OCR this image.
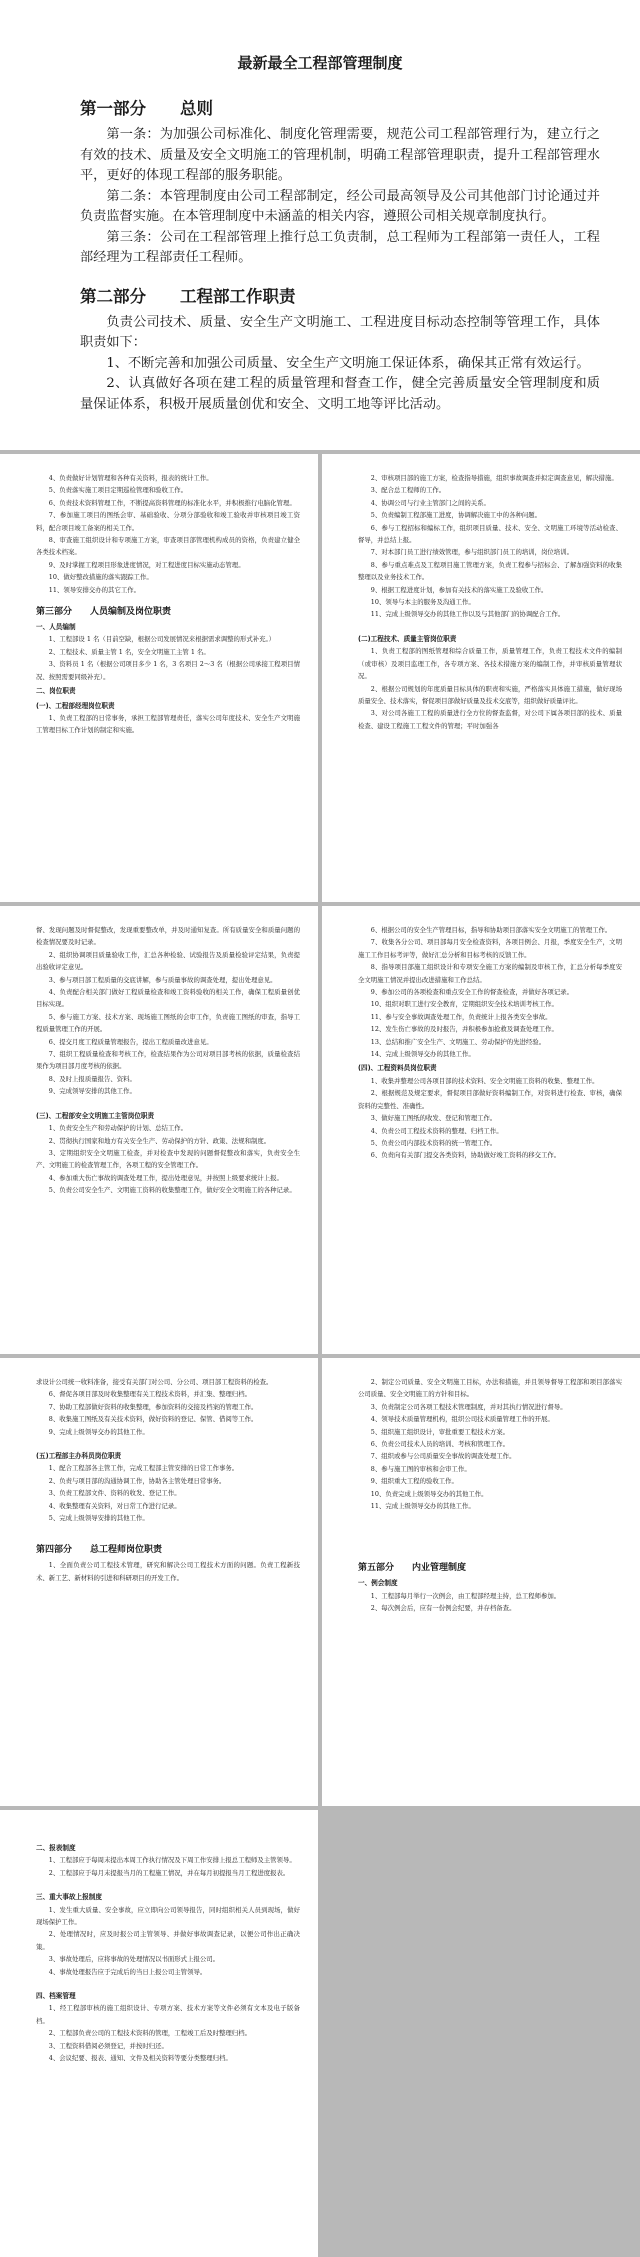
最新最全工程部管理制度
第一部分 总则

第一条：为加强公司标准化、制度化管理需要，规范公司工程部管理行为，建立行之有效的技术、质量及安全文明施工的管理机制，明确工程部管理职责，提升工程部管理水平，更好的体现工程部的服务职能。

第二条：本管理制度由公司工程部制定，经公司最高领导及公司其他部门讨论通过并负责监督实施。在本管理制度中未涵盖的相关内容，遵照公司相关规章制度执行。

第三条：公司在工程部管理上推行总工负责制，总工程师为工程部第一责任人，工程部经理为工程部责任工程师。

第二部分 工程部工作职责

负责公司技术、质量、安全生产文明施工、工程进度目标动态控制等管理工作，具体职责如下：

1、不断完善和加强公司质量、安全生产文明施工保证体系，确保其正常有效运行。

2、认真做好各项在建工程的质量管理和督查工作，健全完善质量安全管理制度和质量保证体系，积极开展质量创优和安全、文明工地等评比活动。

4、负责做好计划管理和各种有关资料，报表的统计工作。

5、负责落实施工项目定期巡检管理和验收工作。

6、负责技术资料管理工作，不断提高资料管理的标准化水平，并积极推行电脑化管理。

7、参加施工项目的图纸会审、基础验收、分项分部验收和竣工验收并审核项目竣工资料，配合项目竣工备案的相关工作。

8、审查施工组织设计和专项施工方案，审查项目部管理机构成员的资格，负责建立健全各类技术档案。

9、及时掌握工程项目形象进度情况，对工程进度目标实施动态管理。

10、做好整改措施的落实跟踪工作。

11、领导安排交办的其它工作。

第三部分 人员编制及岗位职责
一、人员编制

1、工程部设 1 名（目前空缺，根据公司发展情况来根据需求调整的形式补充。）

2、工程技术、质量主管 1 名，安全文明施工主管 1 名。

3、资料员 1 名（根据公司项目多少 1 名，3 名项目 2～3 名（根据公司承接工程项目情况、按照需要同级补充）。

二、岗位职责
(一)、工程部经理岗位职责

1、负责工程部的日常事务，承担工程部管理责任，落实公司年度技术、安全生产文明施工管理目标工作计划的制定和实施。

2、审核项目部的施工方案，检查指导措施，组织事故调查并拟定调查意见，解决措施。

3、配合总工程师的工作。

4、协调公司与行业主管部门之间的关系。

5、负责编制工程部施工进度，协调解决施工中的各种问题。

6、参与工程招标和编标工作，组织项目质量、技术、安全、文明施工环境等活动检查、督导，并总结上报。

7、对本部门员工进行绩效管理，参与组织部门员工的培训，岗位培训。

8、参与重点难点及工程项目施工管理方案，负责工程参与招标会、了解加强资料的收集整理以及业务技术工作。

9、根据工程进度计划，参加有关技术的落实施工及验收工作。

10、领导与本主的服务及沟通工作。

11、完成上级领导交办的其他工作以及与其他部门的协调配合工作。

(二)工程技术、质量主管岗位职责

1、负责工程部的图纸管理和综合质量工作，质量管理工作，负责工程技术文件的编制（或审核）及项目监理工作，各专项方案、各技术措施方案的编制工作，并审核质量管理状况。

2、根据公司规划的年度质量目标具体的职责和实施，严格落实具体施工措施，做好现场质量安全、技术落实，督促项目部做好质量及技术交底等，组织做好质量评比。

3、对公司各施工工程的质量进行全方位的督查监督，对公司下属各项目部的技术、质量检查、建设工程施工工程文件的管理；平时加强各

督、发现问题及时督促整改，发现重要整改单，并及时通知复查。所有质量安全和质量问题的检查情况要及时记录。

2、组织协调项目质量验收工作，汇总各种检验、试验报告及质量检验评定结果，负责提出验收评定意见。

3、参与项目部工程质量的交底讲解，参与质量事故的调查处理，提出处理意见。

4、负责配合相关部门做好工程质量检查和竣工资料验收的相关工作，确保工程质量创优目标实现。

5、参与施工方案、技术方案、现场施工图纸的会审工作，负责施工图纸的审查，指导工程质量管理工作的开展。

6、提交月度工程质量管理报告，提出工程质量改进意见。

7、组织工程质量检查和考核工作，检查结果作为公司对项目部考核的依据，质量检查结果作为项目部月度考核的依据。

8、及时上报质量报告、资料。

9、完成领导安排的其他工作。

(三)、工程部安全文明施工主管岗位职责

1、负责安全生产和劳动保护的计划、总结工作。

2、贯彻执行国家和地方有关安全生产、劳动保护的方针、政策、法规和制度。

3、定期组织安全文明施工检查，并对检查中发现的问题督促整改和落实，负责安全生产、文明施工的检查管理工作，各项工程的安全管理工作。

4、参加重大伤亡事故的调查处理工作，提出处理意见，并按照上级要求统计上报。

5、负责公司安全生产、文明施工资料的收集整理工作，做好安全文明施工的各种记录。

6、根据公司的安全生产管理目标，指导和协助项目部落实安全文明施工的管理工作。

7、收集各分公司、项目部每月安全检查资料，各项目例会、月报，季度安全生产，文明施工工作目标考评等，做好汇总分析和目标考核的反馈工作。

8、指导项目部施工组织设计和专项安全施工方案的编制及审核工作，汇总分析每季度安全文明施工情况并提出改进措施和工作总结。

9、参加公司的各项检查和重点安全工作的督查检查，并做好各项记录。

10、组织对职工进行安全教育，定期组织安全技术培训考核工作。

11、参与安全事故调查处理工作，负责统计上报各类安全事故。

12、发生伤亡事故的及时报告，并积极参加抢救及调查处理工作。

13、总结和推广安全生产、文明施工、劳动保护的先进经验。

14、完成上级领导交办的其他工作。

(四)、工程资料员岗位职责

1、收集并整理公司各项目部的技术资料、安全文明施工资料的收集、整理工作。

2、根据规范及规定要求，督促项目部做好资料编制工作，对资料进行检查、审核，确保资料的完整性、准确性。

3、做好施工图纸的收发、登记和管理工作。

4、负责公司工程技术资料的整理、归档工作。

5、负责公司内部技术资料的统一管理工作。

6、负责向有关部门提交各类资料，协助做好竣工资料的移交工作。

求设计公司统一收料准备，接受有关部门对公司、分公司、项目部工程资料的检查。

6、督促各项目部及时收集整理有关工程技术资料，并汇集、整理归档。

7、协助工程部做好资料的收集整理，参加资料的交接及档案的管理工作。

8、收集施工图纸及有关技术资料，做好资料的登记、保管、借阅等工作。

9、完成上级领导交办的其他工作。

(五)工程部主办科员岗位职责

1、配合工程部各主管工作，完成工程部主管安排的日常工作事务。

2、负责与项目部的沟通协调工作，协助各主管处理日常事务。

3、负责工程部文件、资料的收发、登记工作。

4、收集整理有关资料，对日常工作进行记录。

5、完成上级领导安排的其他工作。

第四部分 总工程师岗位职责

1、全面负责公司工程技术管理，研究和解决公司工程技术方面的问题。负责工程新技术、新工艺、新材料的引进和科研项目的开发工作。

2、制定公司质量、安全文明施工目标，办法和措施，并且领导督导工程部和项目部落实公司质量、安全文明施工的方针和目标。

3、负责制定公司各项工程技术管理制度，并对其执行情况进行督导。

4、领导技术质量管理机构，组织公司技术质量管理工作的开展。

5、组织施工组织设计，审批重要工程技术方案。

6、负责公司技术人员的培训、考核和管理工作。

7、组织或参与公司质量安全事故的调查处理工作。

8、参与施工图的审核和会审工作。

9、组织重大工程的验收工作。

10、负责完成上级领导交办的其他工作。

11、完成上级领导交办的其他工作。

第五部分 内业管理制度
一、例会制度

1、工程部每月举行一次例会，由工程部经理主持，总工程师参加。

2、每次例会后，应有一份例会纪要，并存档备查。

二、报表制度

1、工程部应于每周末提出本周工作执行情况及下周工作安排上报总工程师及主管领导。

2、工程部应于每月末提报当月的工程施工情况，并在每月初提报当月工程进度报表。

三、重大事故上报制度

1、发生重大质量、安全事故，应立即向公司领导报告，同时组织相关人员到现场，做好现场保护工作。

2、处理情况时，应及时报公司主管领导、并做好事故调查记录，以便公司作出正确决策。

3、事故处理后，应将事故的处理情况以书面形式上报公司。

4、事故处理报告应于完成后的当日上报公司主管领导。

四、档案管理

1、经工程部审核的施工组织设计、专项方案、技术方案等文件必须有文本及电子版备档。

2、工程部负责公司的工程技术资料的管理，工程竣工后及时整理归档。

3、工程资料借阅必须登记，并按时归还。

4、会议纪要、报表、通知、文件及相关资料等要分类整理归档。
